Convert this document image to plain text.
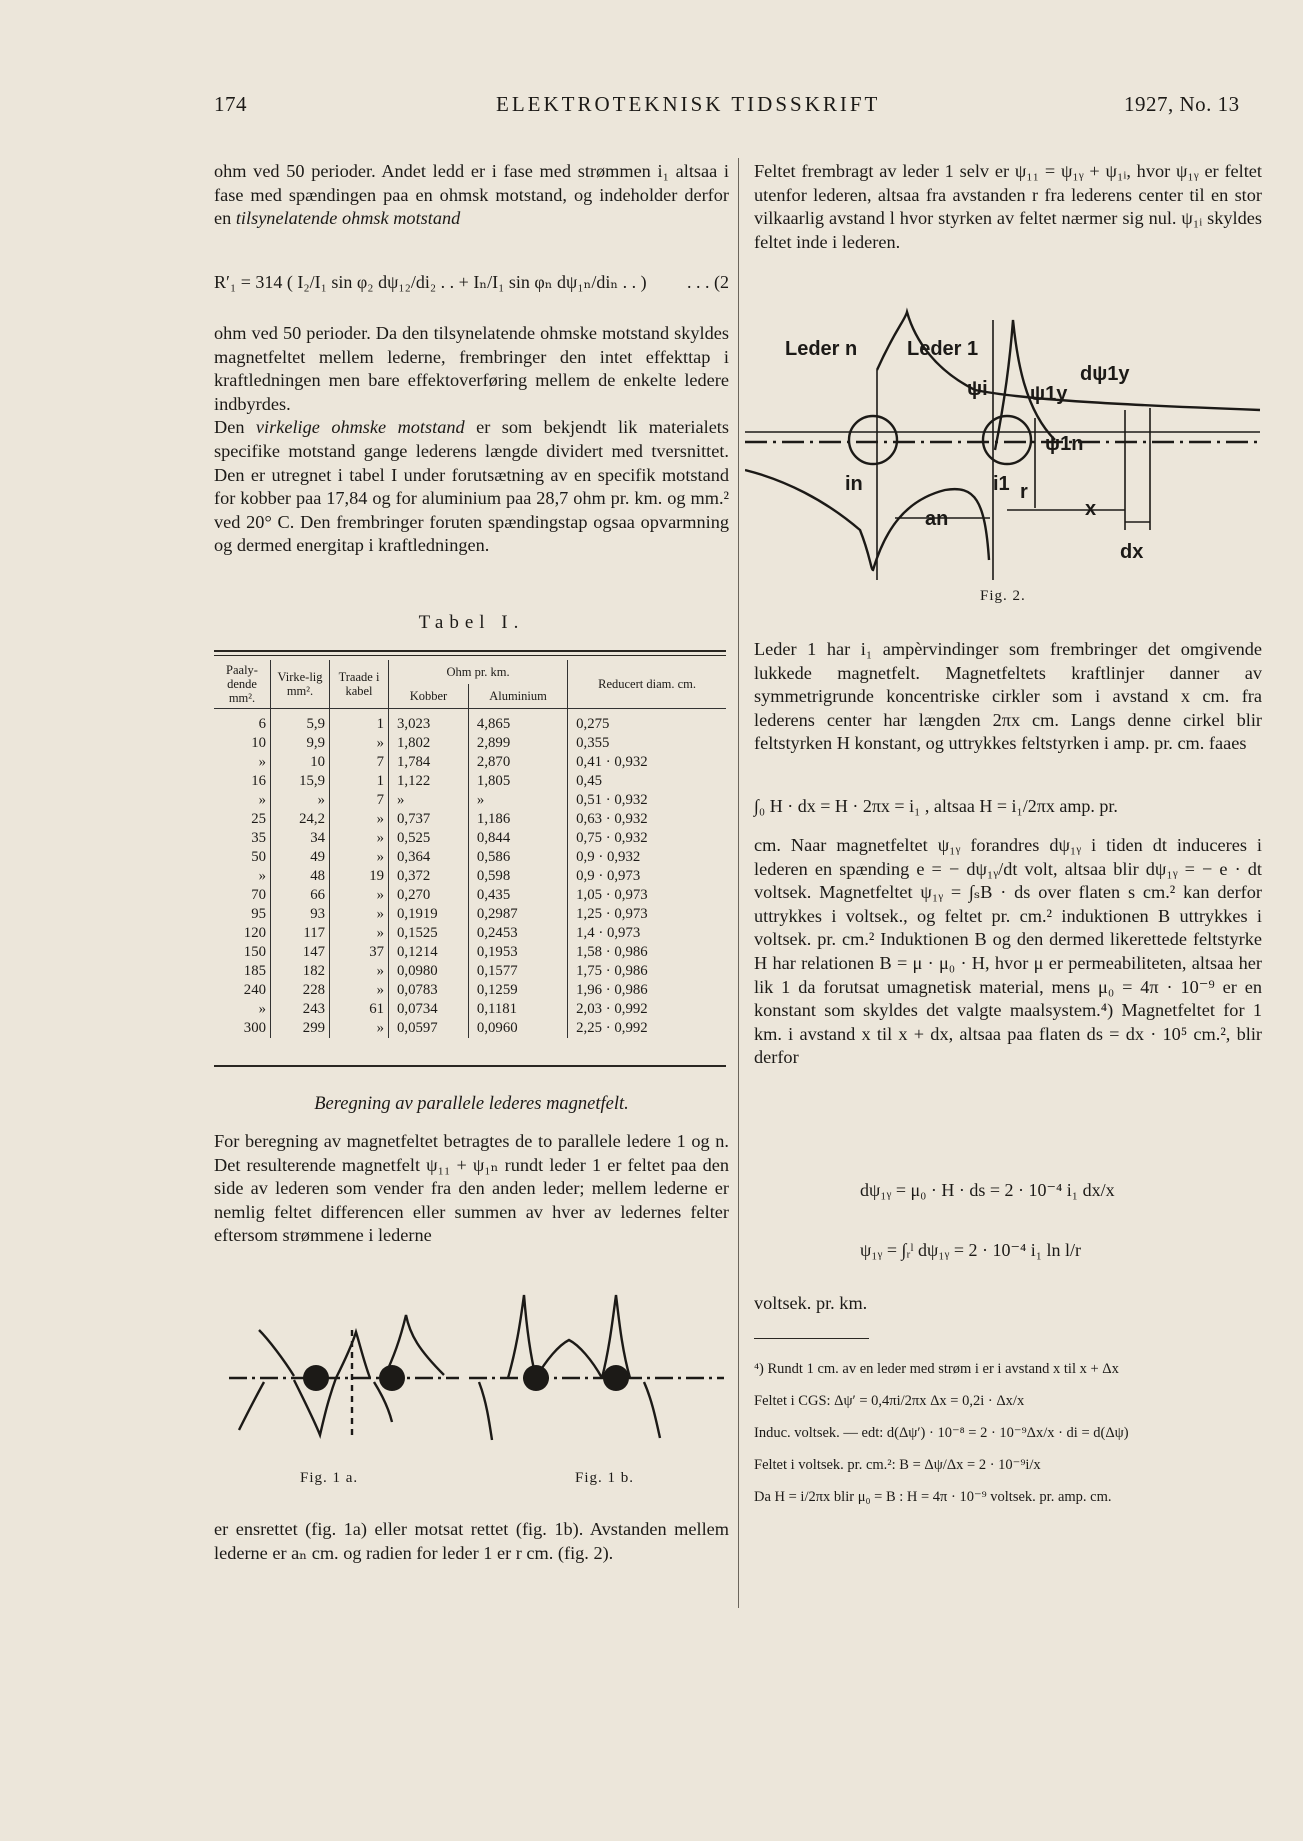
174	ELEKTROTEKNISK TIDSSKRIFT	1927, No. 13

ohm ved 50 perioder. Andet ledd er i fase med strømmen i₁ altsaa i fase med spændingen paa en ohmsk motstand, og indeholder derfor en tilsynelatende ohmsk motstand

R′₁ = 314 ( I₂/I₁ sin φ₂ dψ₁₂/di₂ . . + Iₙ/I₁ sin φₙ dψ₁ₙ/diₙ . . ) . . . (2

ohm ved 50 perioder. Da den tilsynelatende ohmske motstand skyldes magnetfeltet mellem lederne, frembringer den intet effekttap i kraftledningen men bare effektoverføring mellem de enkelte ledere indbyrdes.

Den virkelige ohmske motstand er som bekjendt lik materialets specifike motstand gange lederens længde dividert med tversnittet. Den er utregnet i tabel I under forutsætning av en specifik motstand for kobber paa 17,84 og for aluminium paa 28,7 ohm pr. km. og mm.² ved 20° C. Den frembringer foruten spændingstap ogsaa opvarmning og dermed energitap i kraftledningen.

Tabel I.
Paaly-dende mm².	Virke-lig mm².	Traade i kabel	Ohm pr. km.		Reducert diam. cm.
			Kobber	Aluminium	
6	5,9	1	3,023	4,865	0,275
10	9,9	»	1,802	2,899	0,355
»	10	7	1,784	2,870	0,41 · 0,932
16	15,9	1	1,122	1,805	0,45
»	»	7	»	»	0,51 · 0,932
25	24,2	»	0,737	1,186	0,63 · 0,932
35	34	»	0,525	0,844	0,75 · 0,932
50	49	»	0,364	0,586	0,9 · 0,932
»	48	19	0,372	0,598	0,9 · 0,973
70	66	»	0,270	0,435	1,05 · 0,973
95	93	»	0,1919	0,2987	1,25 · 0,973
120	117	»	0,1525	0,2453	1,4 · 0,973
150	147	37	0,1214	0,1953	1,58 · 0,986
185	182	»	0,0980	0,1577	1,75 · 0,986
240	228	»	0,0783	0,1259	1,96 · 0,986
»	243	61	0,0734	0,1181	2,03 · 0,992
300	299	»	0,0597	0,0960	2,25 · 0,992
Beregning av parallele lederes magnetfelt.
For beregning av magnetfeltet betragtes de to parallele ledere 1 og n. Det resulterende magnetfelt ψ₁₁ + ψ₁ₙ rundt leder 1 er feltet paa den side av lederen som vender fra den anden leder; mellem lederne er nemlig feltet differencen eller summen av hver av ledernes felter eftersom strømmene i lederne
Fig. 1 a.	Fig. 1 b.
er ensrettet (fig. 1a) eller motsat rettet (fig. 1b). Avstanden mellem lederne er aₙ cm. og radien for leder 1 er r cm. (fig. 2).
Feltet frembragt av leder 1 selv er ψ₁₁ = ψ₁ᵧ + ψ₁ᵢ, hvor ψ₁ᵧ er feltet utenfor lederen, altsaa fra avstanden r fra lederens center til en stor vilkaarlig avstand l hvor styrken av feltet nærmer sig nul. ψ₁ᵢ skyldes feltet inde i lederen.
Leder n Leder 1
ψi ψ1y
dψ1y
ψ1n
in	i1 r
an	x
dx
Fig. 2.
Leder 1 har i₁ ampèrvindinger som frembringer det omgivende lukkede magnetfelt. Magnetfeltets kraftlinjer danner av symmetrigrunde koncentriske cirkler som i avstand x cm. fra lederens center har længden 2πx cm. Langs denne cirkel blir feltstyrken H konstant, og uttrykkes feltstyrken i amp. pr. cm. faaes
∫₀ H · dx = H · 2πx = i₁ , altsaa H = i₁/2πx amp. pr.
cm. Naar magnetfeltet ψ₁ᵧ forandres dψ₁ᵧ i tiden dt induceres i lederen en spænding e = − dψ₁ᵧ/dt volt, altsaa blir dψ₁ᵧ = − e · dt voltsek. Magnetfeltet ψ₁ᵧ = ∫ₛB · ds over flaten s cm.² kan derfor uttrykkes i voltsek., og feltet pr. cm.² induktionen B uttrykkes i voltsek. pr. cm.² Induktionen B og den dermed likerettede feltstyrke H har relationen B = μ · μ₀ · H, hvor μ er permeabiliteten, altsaa her lik 1 da forutsat umagnetisk material, mens μ₀ = 4π · 10⁻⁹ er en konstant som skyldes det valgte maalsystem.⁴) Magnetfeltet for 1 km. i avstand x til x + dx, altsaa paa flaten ds = dx · 10⁵ cm.², blir derfor
dψ₁ᵧ = μ₀ · H · ds = 2 · 10⁻⁴ i₁ dx/x
ψ₁ᵧ = ∫ᵣˡ dψ₁ᵧ = 2 · 10⁻⁴ i₁ ln l/r
voltsek. pr. km.
⁴) Rundt 1 cm. av en leder med strøm i er i avstand x til x + Δx
Feltet i CGS: Δψ′ = 0,4πi/2πx Δx = 0,2i · Δx/x
Induc. voltsek. — edt: d(Δψ′) · 10⁻⁸ = 2 · 10⁻⁹Δx/x · di = d(Δψ)
Feltet i voltsek. pr. cm.²: B = Δψ/Δx = 2 · 10⁻⁹i/x
Da H = i/2πx blir μ₀ = B : H = 4π · 10⁻⁹ voltsek. pr. amp. cm.
